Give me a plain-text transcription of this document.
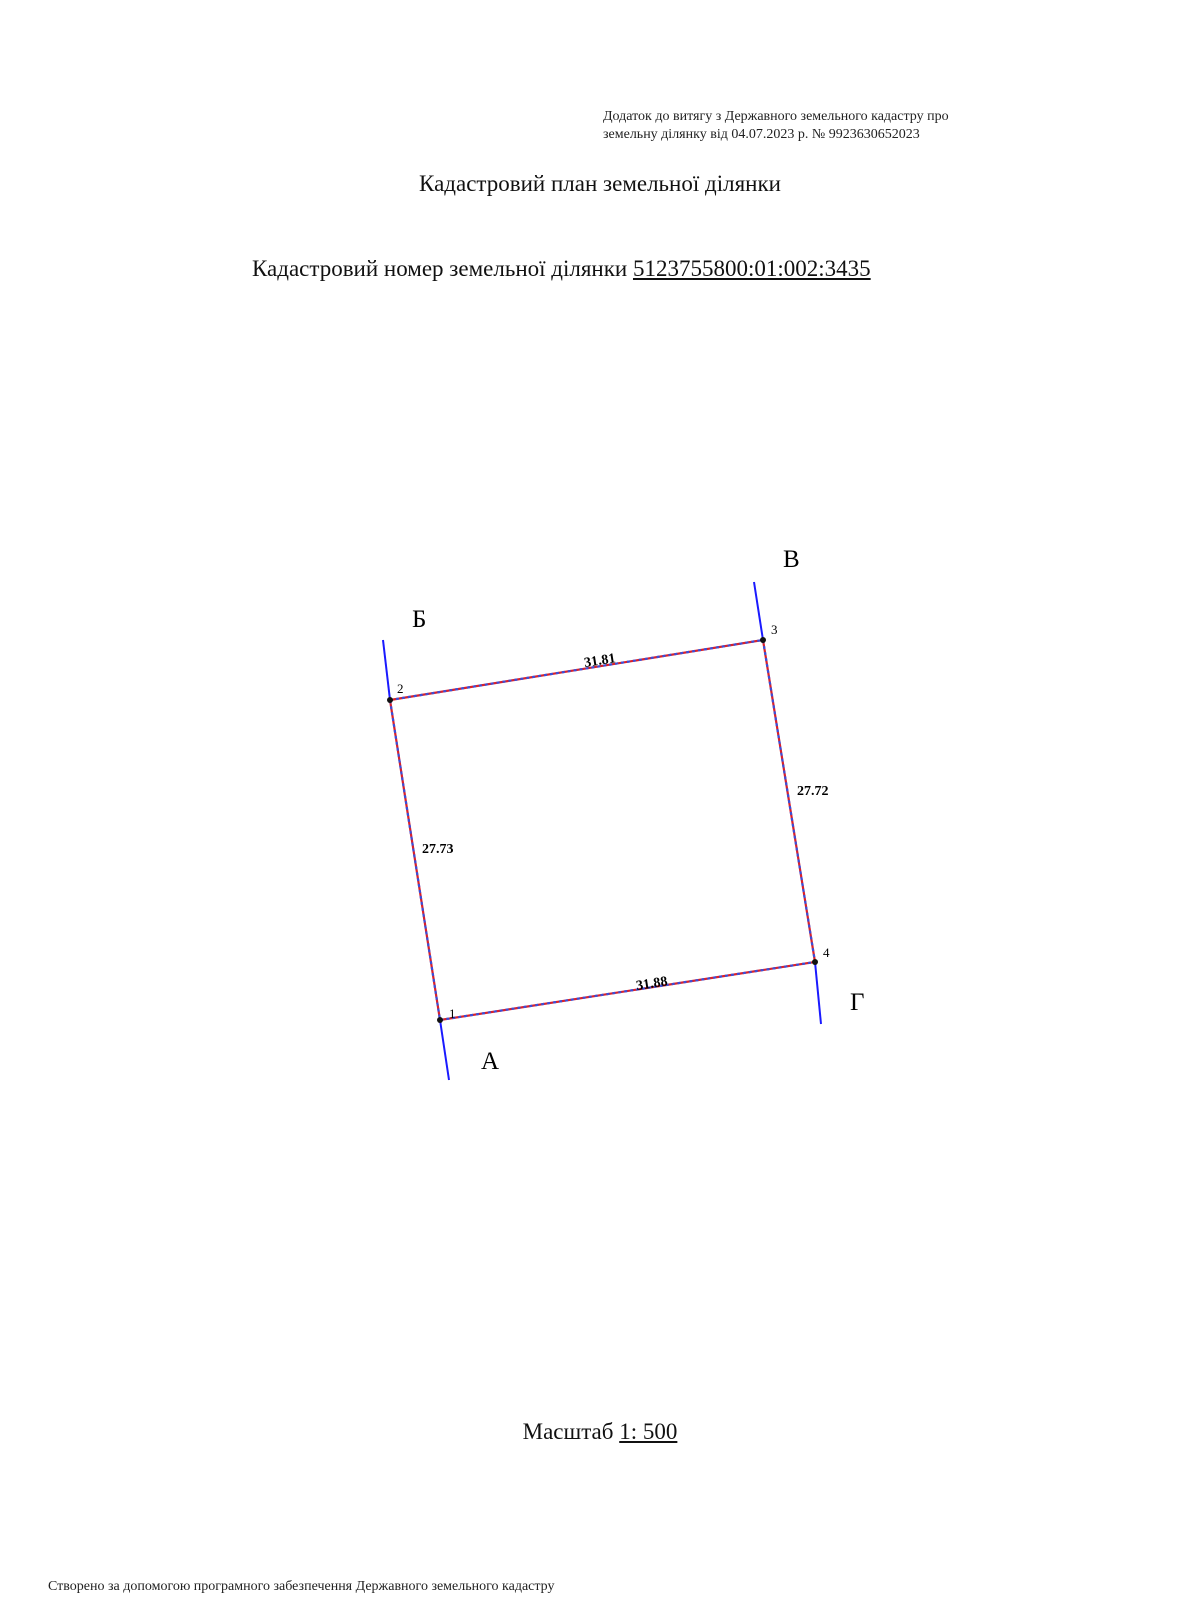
Додаток до витягу з Державного земельного кадастру про
земельну ділянку від 04.07.2023 р. № 9923630652023
Кадастровий план земельної ділянки
Кадастровий номер земельної ділянки 5123755800:01:002:3435
1
2
3
4
31.81
27.72
27.73
31.88
Б
В
А
Г
Масштаб 1: 500
Створено за допомогою програмного забезпечення Державного земельного кадастру
